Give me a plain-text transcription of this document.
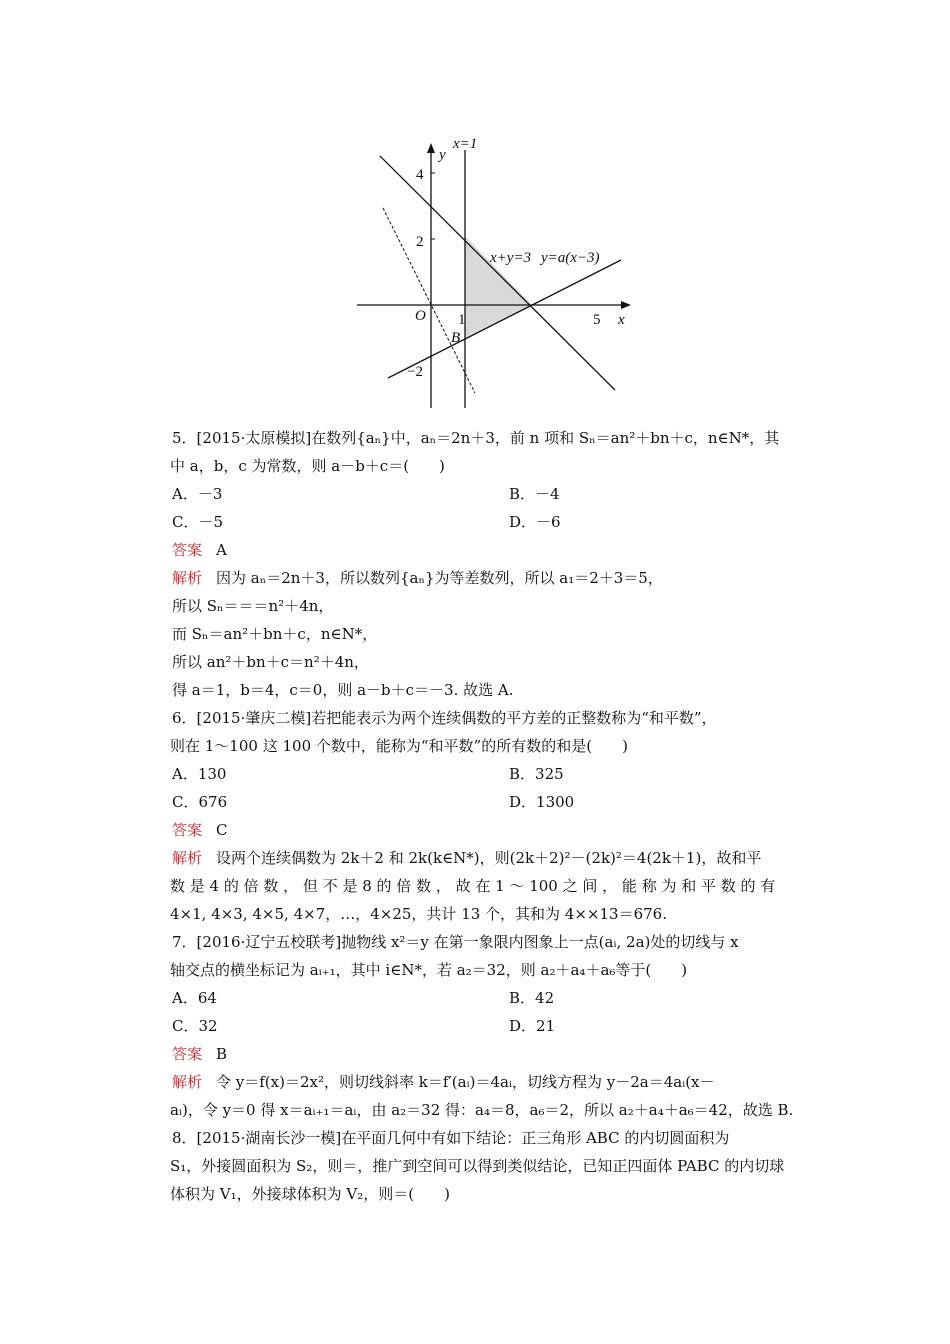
y
x
x=1
x+y=3 y=a(x−3)
O 1	5
4
2
−2
B
5．[2015·太原模拟]在数列{aₙ}中，aₙ＝2n＋3，前 n 项和 Sₙ＝an²＋bn＋c，n∈N*，其
中 a，b，c 为常数，则 a－b＋c＝(　　)
A．－3	B．－4
C．－5	D．－6
答案 A
解析 因为 aₙ＝2n＋3，所以数列{aₙ}为等差数列，所以 a₁＝2＋3＝5，
所以 Sₙ＝＝＝n²＋4n，
而 Sₙ＝an²＋bn＋c，n∈N*，
所以 an²＋bn＋c＝n²＋4n，
得 a＝1，b＝4，c＝0，则 a－b＋c＝－3. 故选 A.
6．[2015·肇庆二模]若把能表示为两个连续偶数的平方差的正整数称为“和平数”，
则在 1～100 这 100 个数中，能称为“和平数”的所有数的和是(　　)
A．130	B．325
C．676	D．1300
答案 C
解析 设两个连续偶数为 2k＋2 和 2k(k∈N*)，则(2k＋2)²－(2k)²＝4(2k＋1)，故和平
数 是 4 的 倍 数 ， 但 不 是 8 的 倍 数 ， 故 在 1 ～ 100 之 间 ， 能 称 为 和 平 数 的 有
4×1, 4×3, 4×5, 4×7，…，4×25，共计 13 个，其和为 4××13＝676.
7．[2016·辽宁五校联考]抛物线 x²＝y 在第一象限内图象上一点(aᵢ, 2a)处的切线与 x
轴交点的横坐标记为 aᵢ₊₁，其中 i∈N*，若 a₂＝32，则 a₂＋a₄＋a₆等于(　　)
A．64	B．42
C．32	D．21
答案 B
解析 令 y＝f(x)＝2x²，则切线斜率 k＝f′(aᵢ)＝4aᵢ，切线方程为 y－2a＝4aᵢ(x－
aᵢ)，令 y＝0 得 x＝aᵢ₊₁＝aᵢ，由 a₂＝32 得：a₄＝8，a₆＝2，所以 a₂＋a₄＋a₆＝42，故选 B.
8．[2015·湖南长沙一模]在平面几何中有如下结论：正三角形 ABC 的内切圆面积为
S₁，外接圆面积为 S₂，则＝，推广到空间可以得到类似结论，已知正四面体 PABC 的内切球
体积为 V₁，外接球体积为 V₂，则＝(　　)
